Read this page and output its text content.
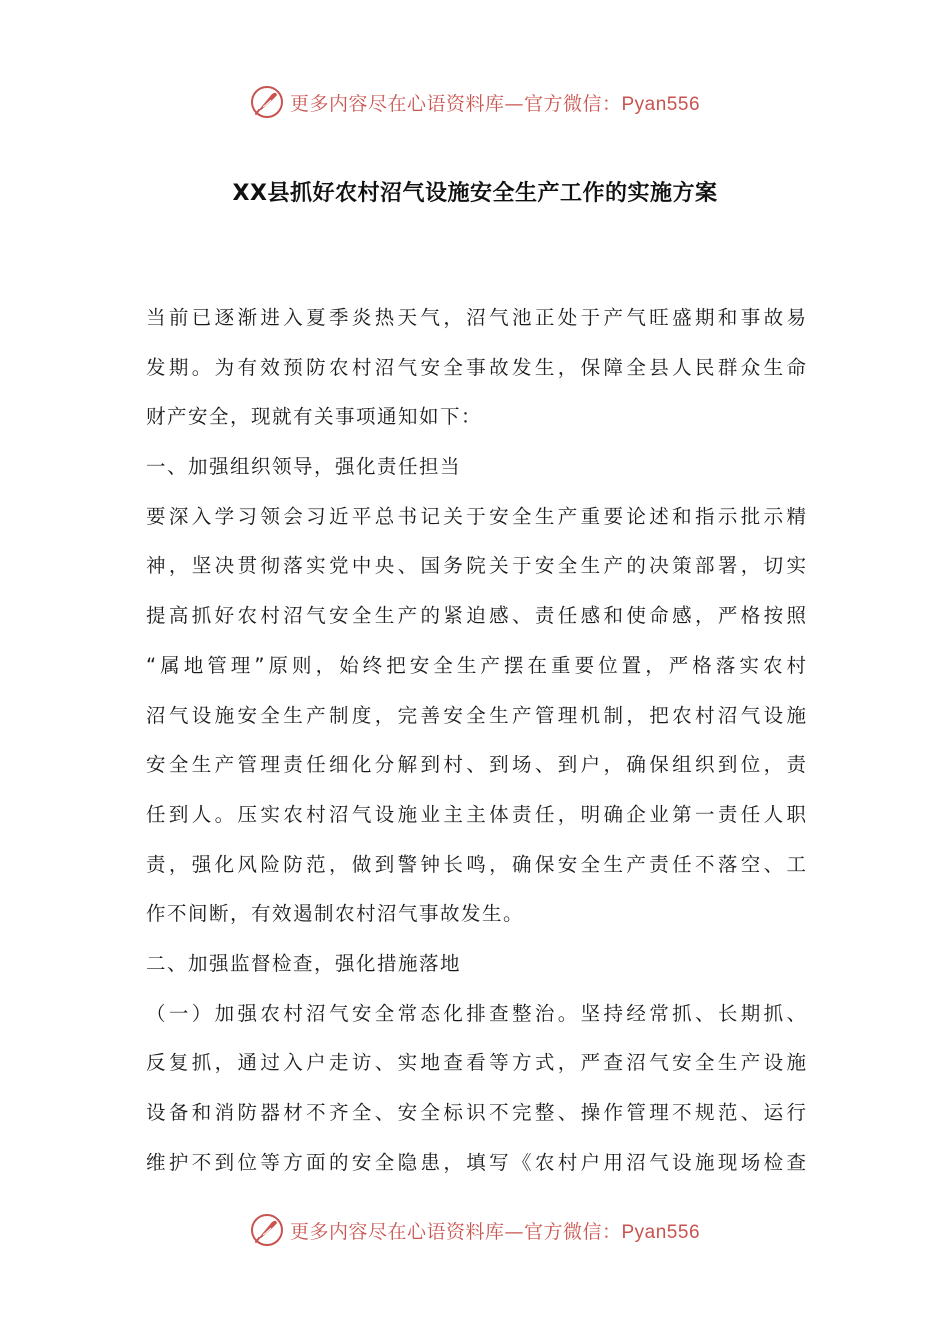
更多内容尽在心语资料库—官方微信：Pyan556
XX县抓好农村沼气设施安全生产工作的实施方案
当前已逐渐进入夏季炎热天气，沼气池正处于产气旺盛期和事故易
发期。为有效预防农村沼气安全事故发生，保障全县人民群众生命
财产安全，现就有关事项通知如下：
一、加强组织领导，强化责任担当
要深入学习领会习近平总书记关于安全生产重要论述和指示批示精
神，坚决贯彻落实党中央、国务院关于安全生产的决策部署，切实
提高抓好农村沼气安全生产的紧迫感、责任感和使命感，严格按照
“属地管理”原则，始终把安全生产摆在重要位置，严格落实农村
沼气设施安全生产制度，完善安全生产管理机制，把农村沼气设施
安全生产管理责任细化分解到村、到场、到户，确保组织到位，责
任到人。压实农村沼气设施业主主体责任，明确企业第一责任人职
责，强化风险防范，做到警钟长鸣，确保安全生产责任不落空、工
作不间断，有效遏制农村沼气事故发生。
二、加强监督检查，强化措施落地
（一）加强农村沼气安全常态化排查整治。坚持经常抓、长期抓、
反复抓，通过入户走访、实地查看等方式，严查沼气安全生产设施
设备和消防器材不齐全、安全标识不完整、操作管理不规范、运行
维护不到位等方面的安全隐患，填写《农村户用沼气设施现场检查
更多内容尽在心语资料库—官方微信：Pyan556
